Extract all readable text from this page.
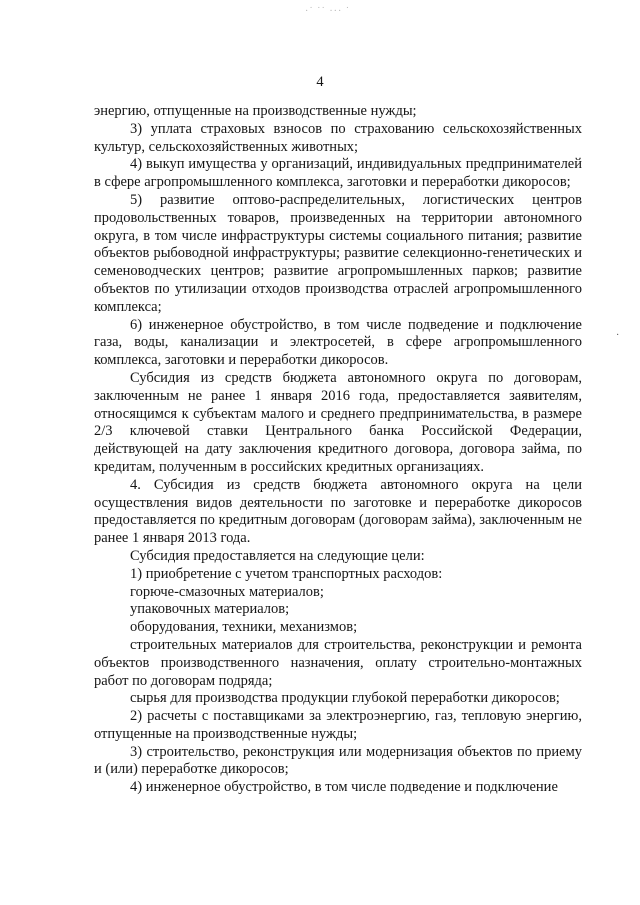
·˙ ˙˙ ··· ˙
·
4

энергию, отпущенные на производственные нужды;

3) уплата страховых взносов по страхованию сельскохозяйственных культур, сельскохозяйственных животных;

4) выкуп имущества у организаций, индивидуальных предпринимателей в сфере агропромышленного комплекса, заготовки и переработки дикоросов;

5) развитие оптово-распределительных, логистических центров продовольственных товаров, произведенных на территории автономного округа, в том числе инфраструктуры системы социального питания; развитие объектов рыбоводной инфраструктуры; развитие селекционно-генетических и семеноводческих центров; развитие агропромышленных парков; развитие объектов по утилизации отходов производства отраслей агропромышленного комплекса;

6) инженерное обустройство, в том числе подведение и подключение газа, воды, канализации и электросетей, в сфере агропромышленного комплекса, заготовки и переработки дикоросов.

Субсидия из средств бюджета автономного округа по договорам, заключенным не ранее 1 января 2016 года, предоставляется заявителям, относящимся к субъектам малого и среднего предпринимательства, в размере 2/3 ключевой ставки Центрального банка Российской Федерации, действующей на дату заключения кредитного договора, договора займа, по кредитам, полученным в российских кредитных организациях.

4. Субсидия из средств бюджета автономного округа на цели осуществления видов деятельности по заготовке и переработке дикоросов предоставляется по кредитным договорам (договорам займа), заключенным не ранее 1 января 2013 года.

Субсидия предоставляется на следующие цели:

1) приобретение с учетом транспортных расходов:

горюче-смазочных материалов;

упаковочных материалов;

оборудования, техники, механизмов;

строительных материалов для строительства, реконструкции и ремонта объектов производственного назначения, оплату строительно-монтажных работ по договорам подряда;

сырья для производства продукции глубокой переработки дикоросов;

2) расчеты с поставщиками за электроэнергию, газ, тепловую энергию, отпущенные на производственные нужды;

3) строительство, реконструкция или модернизация объектов по приему и (или) переработке дикоросов;

4) инженерное обустройство, в том числе подведение и подключение
